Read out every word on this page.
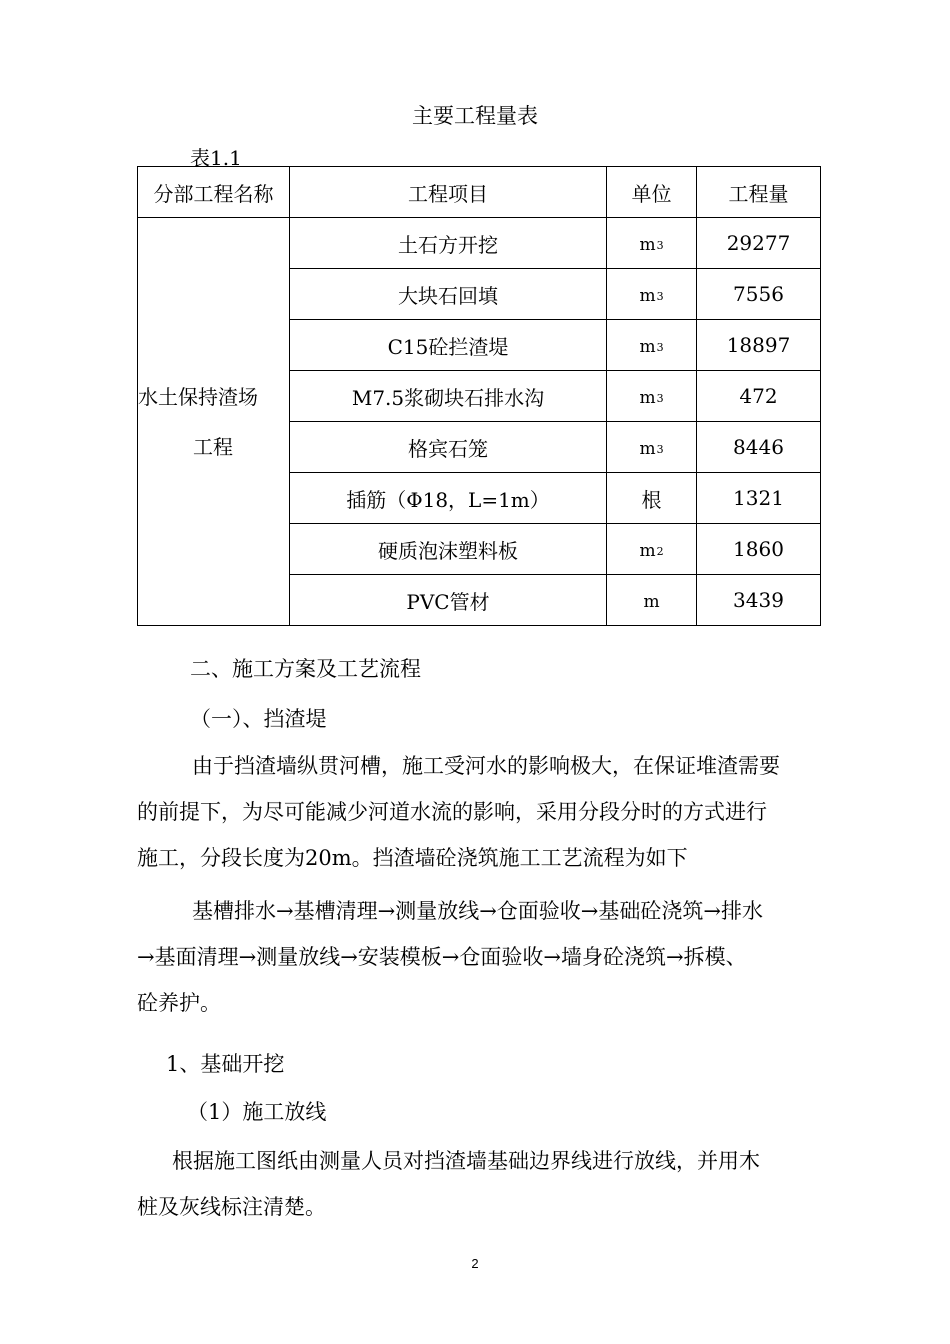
主要工程量表
表1.1
分部工程名称	工程项目	单位	工程量

水土保持渣场
工程	土石方开挖	m3	29277
	大块石回填	m3	7556
	C15砼拦渣堤	m3	18897
	M7.5浆砌块石排水沟	m3	472
	格宾石笼	m3	8446
	插筋（Φ18，L=1m）	根	1321
	硬质泡沫塑料板	m2	1860
	PVC管材	m	3439
二、施工方案及工艺流程
（一）、挡渣堤
由于挡渣墙纵贯河槽，施工受河水的影响极大，在保证堆渣需要
的前提下，为尽可能减少河道水流的影响，采用分段分时的方式进行
施工，分段长度为20m。挡渣墙砼浇筑施工工艺流程为如下
基槽排水→基槽清理→测量放线→仓面验收→基础砼浇筑→排水
→基面清理→测量放线→安装模板→仓面验收→墙身砼浇筑→拆模、
砼养护。
1、基础开挖
（1）施工放线
根据施工图纸由测量人员对挡渣墙基础边界线进行放线，并用木
桩及灰线标注清楚。
2
